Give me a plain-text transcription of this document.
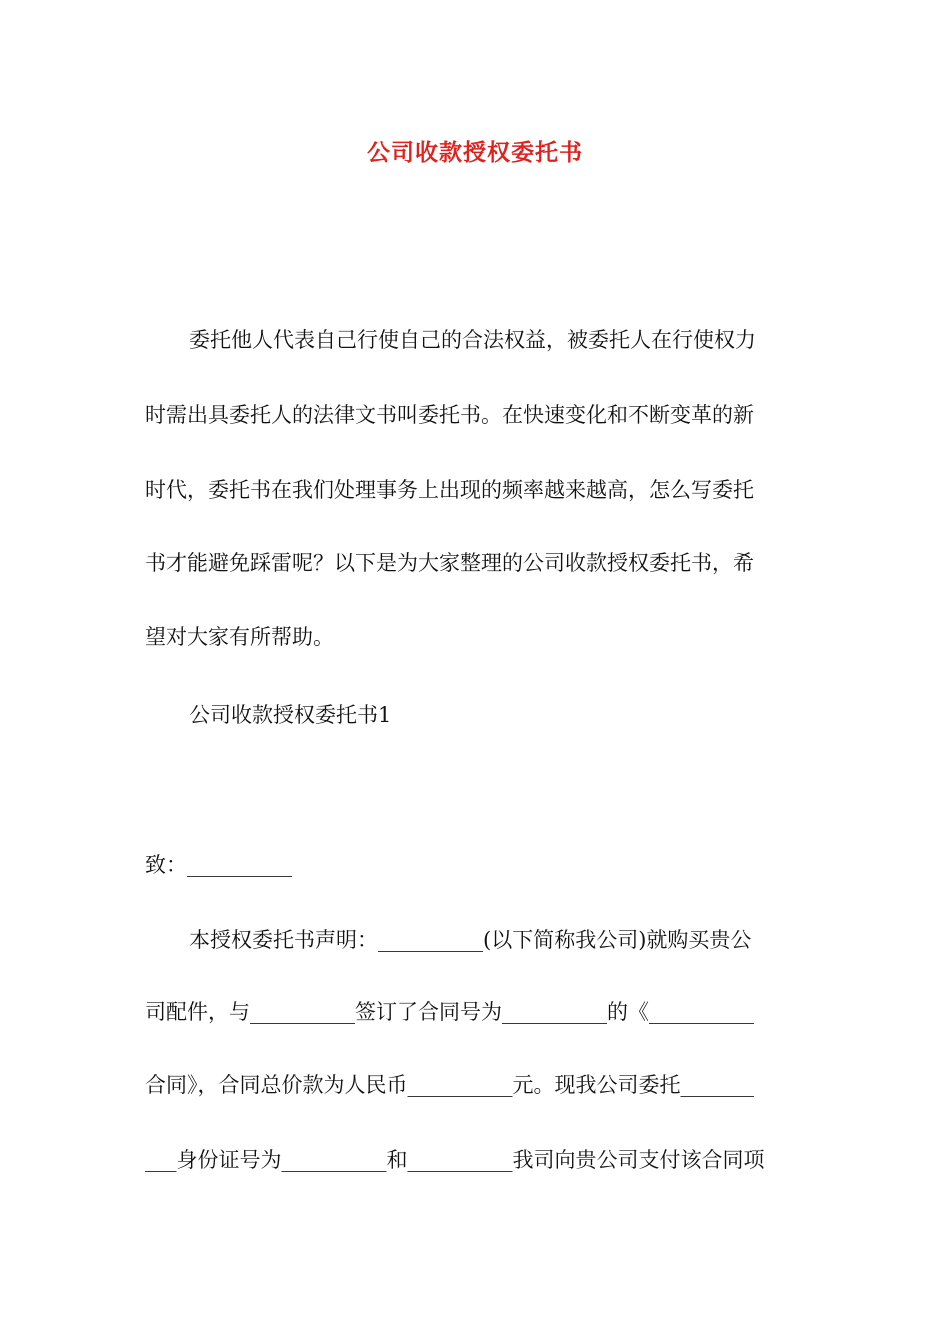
公司收款授权委托书
委托他人代表自己行使自己的合法权益，被委托人在行使权力
时需出具委托人的法律文书叫委托书。在快速变化和不断变革的新
时代，委托书在我们处理事务上出现的频率越来越高，怎么写委托
书才能避免踩雷呢？以下是为大家整理的公司收款授权委托书，希
望对大家有所帮助。
公司收款授权委托书1
致：__________
本授权委托书声明：__________(以下简称我公司)就购买贵公
司配件，与__________签订了合同号为__________的《__________
合同》，合同总价款为人民币__________元。现我公司委托_______
___身份证号为__________和__________我司向贵公司支付该合同项
